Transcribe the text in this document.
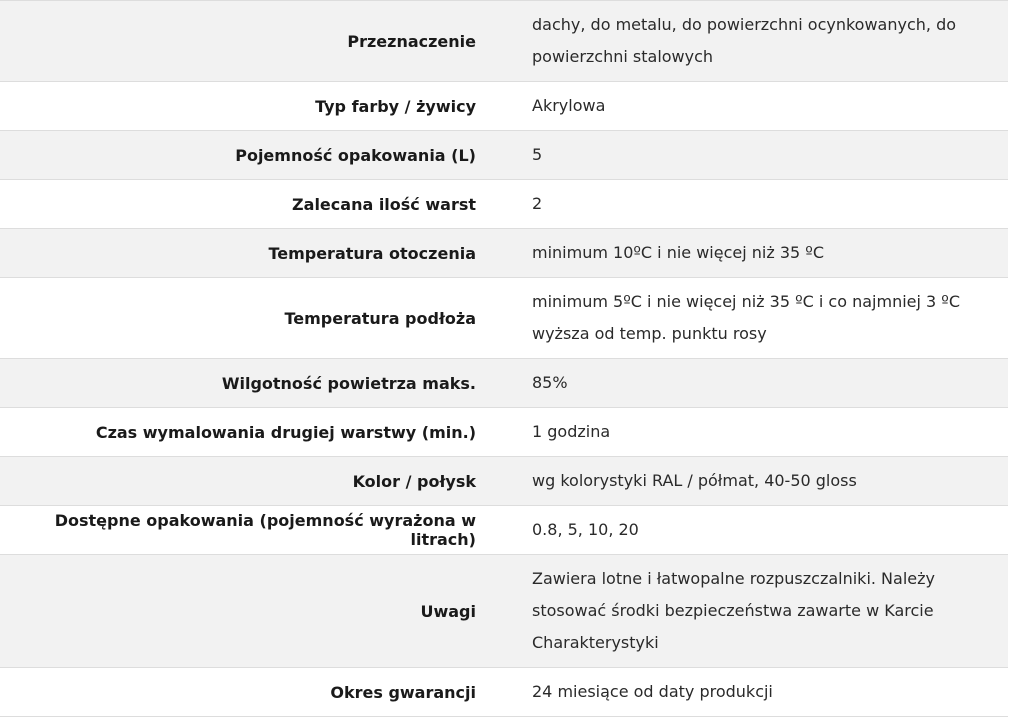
Przeznaczenie	dachy, do metalu, do powierzchni ocynkowanych, do powierzchni stalowych
Typ farby / żywicy	Akrylowa
Pojemność opakowania (L)	5
Zalecana ilość warst	2
Temperatura otoczenia	minimum 10ºC i nie więcej niż 35 ºC
Temperatura podłoża	minimum 5ºC i nie więcej niż 35 ºC i co najmniej 3 ºC wyższa od temp. punktu rosy
Wilgotność powietrza maks.	85%
Czas wymalowania drugiej warstwy (min.)	1 godzina
Kolor / połysk	wg kolorystyki RAL / półmat, 40-50 gloss
Dostępne opakowania (pojemność wyrażona w litrach)	0.8, 5, 10, 20
Uwagi	Zawiera lotne i łatwopalne rozpuszczalniki. Należy stosować środki bezpieczeństwa zawarte w Karcie Charakterystyki
Okres gwarancji	24 miesiące od daty produkcji
